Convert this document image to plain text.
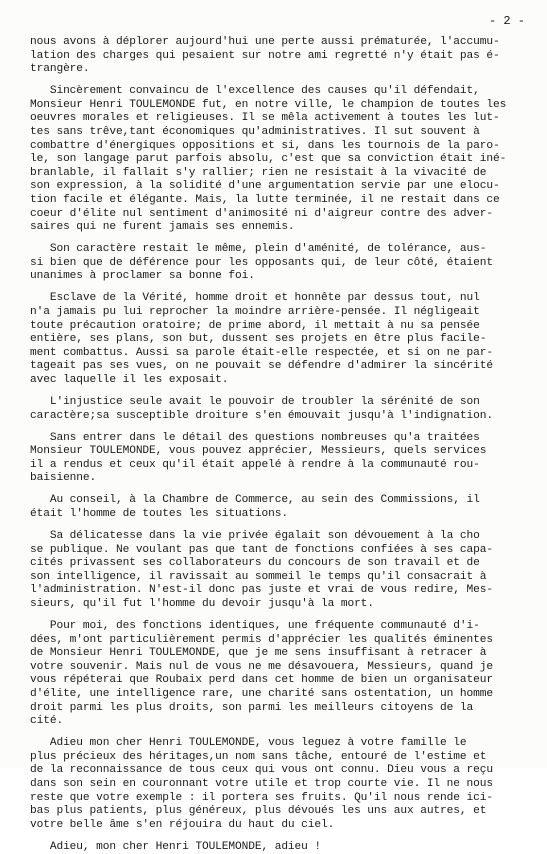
- 2 -
nous avons à déplorer aujourd'hui une perte aussi prématurée, l'accumu-
lation des charges qui pesaient sur notre ami regretté n'y était pas é-
trangère.
Sincèrement convaincu de l'excellence des causes qu'il défendait,
Monsieur Henri TOULEMONDE fut, en notre ville, le champion de toutes les
oeuvres morales et religieuses. Il se mêla activement à toutes les lut-
tes sans trêve,tant économiques qu'administratives. Il sut souvent à
combattre d'énergiques oppositions et si, dans les tournois de la paro-
le, son langage parut parfois absolu, c'est que sa conviction était iné-
branlable, il fallait s'y rallier; rien ne resistait à la vivacité de
son expression, à la solidité d'une argumentation servie par une elocu-
tion facile et élégante. Mais, la lutte terminée, il ne restait dans ce
coeur d'élite nul sentiment d'animosité ni d'aigreur contre des adver-
saires qui ne furent jamais ses ennemis.
Son caractère restait le même, plein d'aménité, de tolérance, aus-
si bien que de déférence pour les opposants qui, de leur côté, étaient
unanimes à proclamer sa bonne foi.
Esclave de la Vérité, homme droit et honnête par dessus tout, nul
n'a jamais pu lui reprocher la moindre arrière-pensée. Il négligeait
toute précaution oratoire; de prime abord, il mettait à nu sa pensée
entière, ses plans, son but, dussent ses projets en être plus facile-
ment combattus. Aussi sa parole était-elle respectée, et si on ne par-
tageait pas ses vues, on ne pouvait se défendre d'admirer la sincérité
avec laquelle il les exposait.
L'injustice seule avait le pouvoir de troubler la sérénité de son
caractère;sa susceptible droiture s'en émouvait jusqu'à l'indignation.
Sans entrer dans le détail des questions nombreuses qu'a traitées
Monsieur TOULEMONDE, vous pouvez apprécier, Messieurs, quels services
il a rendus et ceux qu'il était appelé à rendre à la communauté rou-
baisienne.
Au conseil, à la Chambre de Commerce, au sein des Commissions, il
était l'homme de toutes les situations.
Sa délicatesse dans la vie privée égalait son dévouement à la cho
se publique. Ne voulant pas que tant de fonctions confiées à ses capa-
cités privassent ses collaborateurs du concours de son travail et de
son intelligence, il ravissait au sommeil le temps qu'il consacrait à
l'administration. N'est-il donc pas juste et vrai de vous redire, Mes-
sieurs, qu'il fut l'homme du devoir jusqu'à la mort.
Pour moi, des fonctions identiques, une fréquente communauté d'i-
dées, m'ont particulièrement permis d'apprécier les qualités éminentes
de Monsieur Henri TOULEMONDE, que je me sens insuffisant à retracer à
votre souvenir. Mais nul de vous ne me désavouera, Messieurs, quand je
vous répéterai que Roubaix perd dans cet homme de bien un organisateur
d'élite, une intelligence rare, une charité sans ostentation, un homme
droit parmi les plus droits, son parmi les meilleurs citoyens de la
cité.
Adieu mon cher Henri TOULEMONDE, vous leguez à votre famille le
plus précieux des héritages,un nom sans tâche, entouré de l'estime et
de la reconnaissance de tous ceux qui vous ont connu. Dieu vous a reçu
dans son sein en couronnant votre utile et trop courte vie. Il ne nous
reste que votre exemple : il portera ses fruits. Qu'il nous rende ici-
bas plus patients, plus généreux, plus dévoués les uns aux autres, et
votre belle âme s'en réjouira du haut du ciel.
Adieu, mon cher Henri TOULEMONDE, adieu !
